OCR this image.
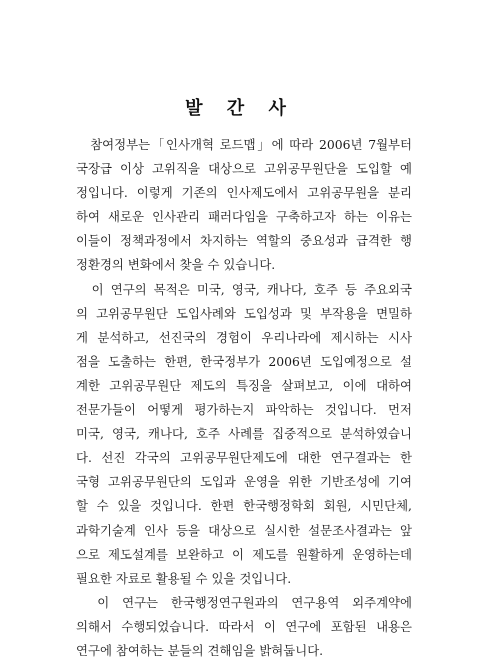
발 간 사
　참여정부는「인사개혁 로드맵」에 따라 2006년 7월부터
국장급 이상 고위직을 대상으로 고위공무원단을 도입할 예
정입니다. 이렇게 기존의 인사제도에서 고위공무원을 분리
하여 새로운 인사관리 패러다임을 구축하고자 하는 이유는
이들이 정책과정에서 차지하는 역할의 중요성과 급격한 행
정환경의 변화에서 찾을 수 있습니다.
　이 연구의 목적은 미국, 영국, 캐나다, 호주 등 주요외국
의 고위공무원단 도입사례와 도입성과 및 부작용을 면밀하
게 분석하고, 선진국의 경험이 우리나라에 제시하는 시사
점을 도출하는 한편, 한국정부가 2006년 도입예정으로 설
계한 고위공무원단 제도의 특징을 살펴보고, 이에 대하여
전문가들이 어떻게 평가하는지 파악하는 것입니다. 먼저
미국, 영국, 캐나다, 호주 사례를 집중적으로 분석하였습니
다. 선진 각국의 고위공무원단제도에 대한 연구결과는 한
국형 고위공무원단의 도입과 운영을 위한 기반조성에 기여
할 수 있을 것입니다. 한편 한국행정학회 회원, 시민단체,
과학기술계 인사 등을 대상으로 실시한 설문조사결과는 앞
으로 제도설계를 보완하고 이 제도를 원활하게 운영하는데
필요한 자료로 활용될 수 있을 것입니다.
　이 연구는 한국행정연구원과의 연구용역 외주계약에
의해서 수행되었습니다. 따라서 이 연구에 포함된 내용은
연구에 참여하는 분들의 견해임을 밝혀둡니다.
